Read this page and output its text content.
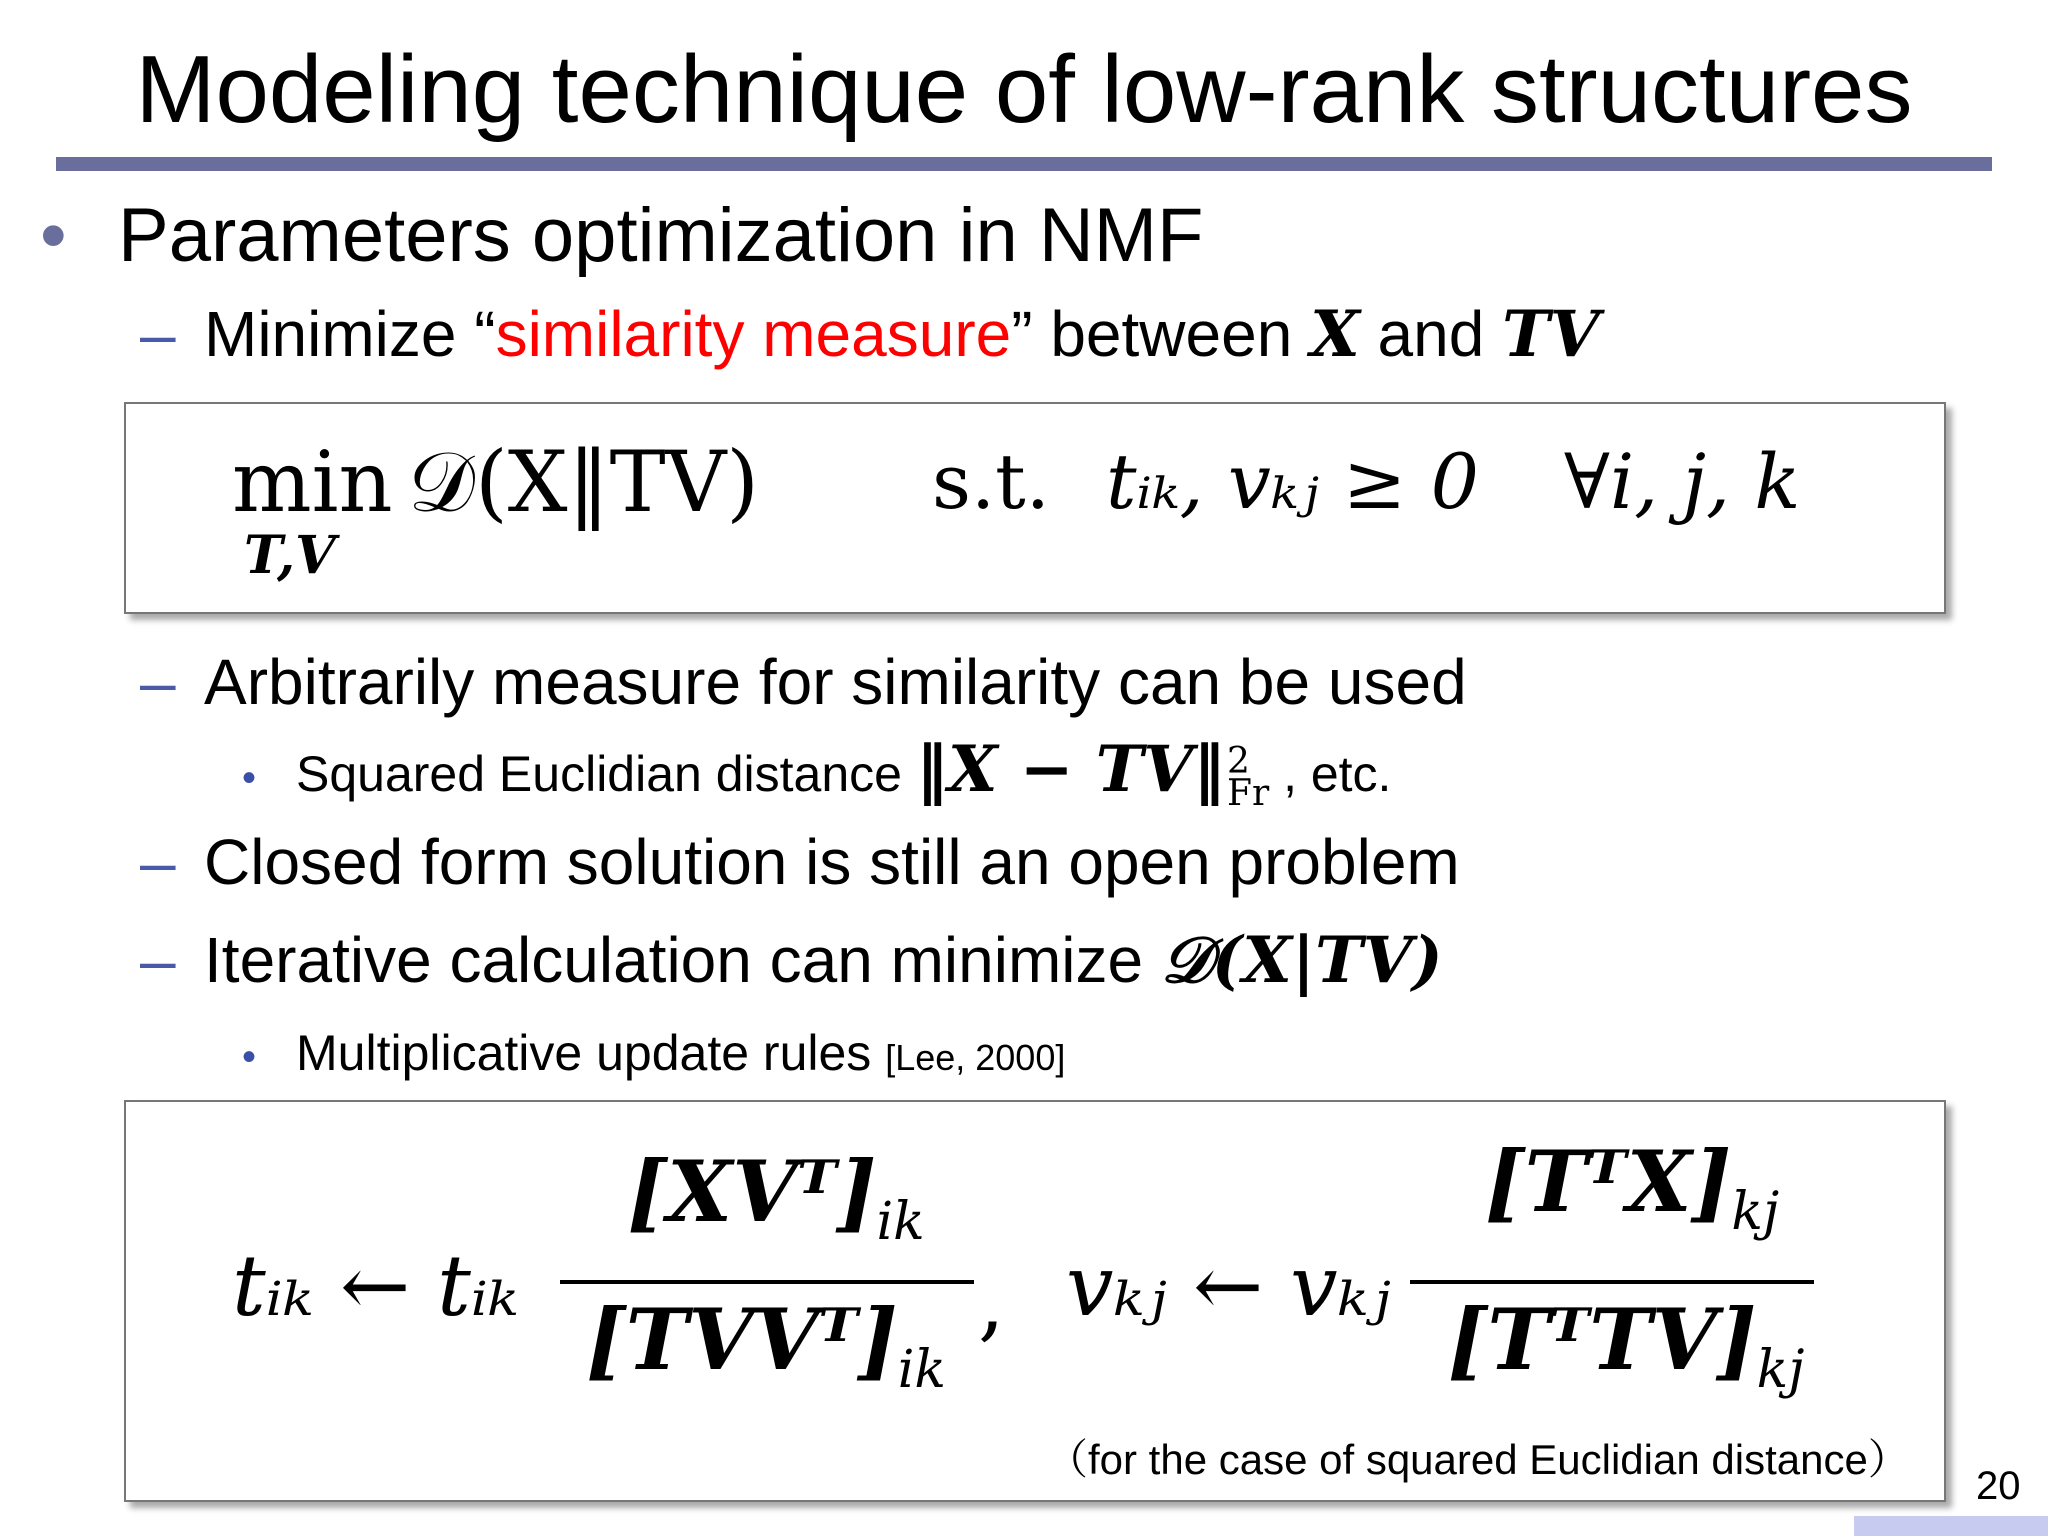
Modeling technique of low-rank structures
• Parameters optimization in NMF
– Minimize “similarity measure” between X and TV
min
T,V
𝒟(X‖TV) s.t. tᵢₖ, vₖⱼ ≥ 0 ∀i, j, k
– Arbitrarily measure for similarity can be used
• Squared Euclidian distance ‖X − TV‖ 2
Fr , etc.
– Closed form solution is still an open problem
– Iterative calculation can minimize 𝒟(X|TV)
• Multiplicative update rules [Lee, 2000]
tᵢₖ ← tᵢₖ
$[XVᵀ]_{ik}$
$[TVVᵀ]_{ik}$
, vₖⱼ ← vₖⱼ
$[TᵀX]_{kj}$
$[TᵀTV]_{kj}$
（for the case of squared Euclidian distance）
20
